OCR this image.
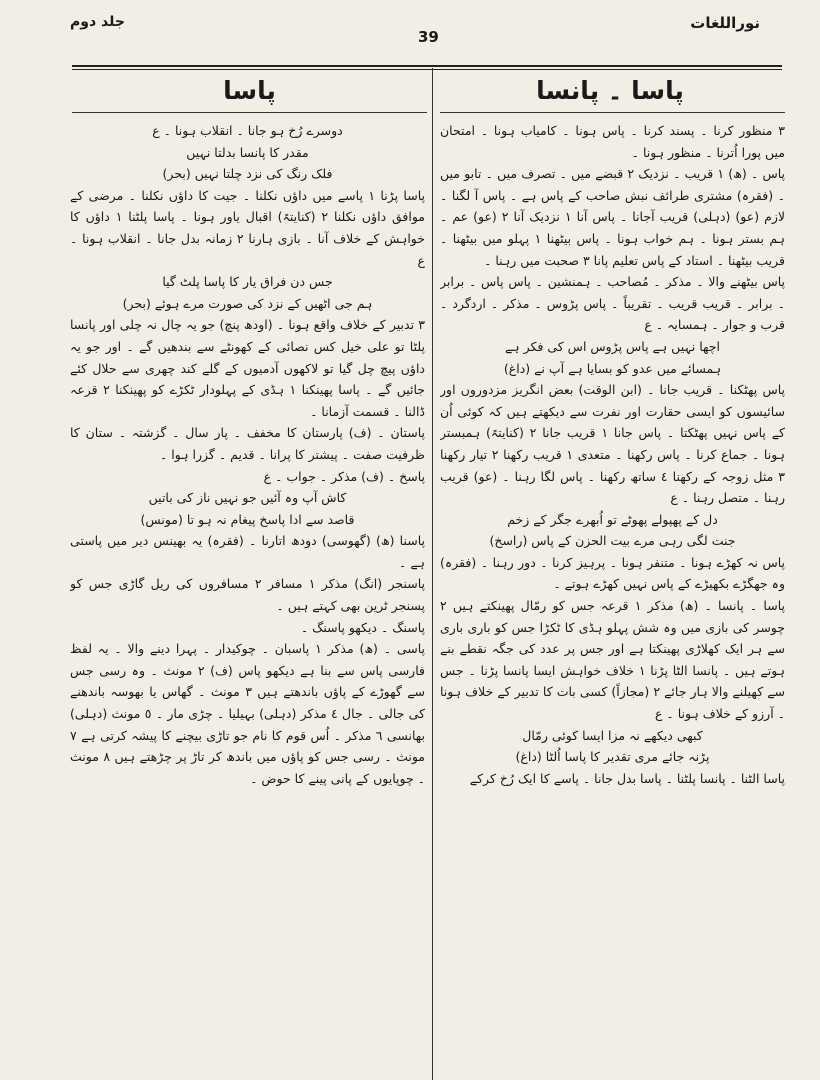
جلد دوم
39
نوراللغات
پاسا ۔ پانسا
پاسا

٣ منظور کرنا ۔ پسند کرنا ۔ پاس ہونا ۔ کامیاب ہونا ۔ امتحان میں پورا اُترنا ۔ منظور ہونا ۔

پاس ۔ (ھ) ١ قریب ۔ نزدیک ٢ قبضے میں ۔ تصرف میں ۔ تابو میں ۔ (فقرہ) مشتری طرائف نبش صاحب کے پاس ہے ۔ پاس آ لگنا ۔ لازم (عو) (دہلی) قریب آجانا ۔ پاس آنا ١ نزدیک آنا ٢ (عو) عم ۔ ہم بستر ہونا ۔ ہم خواب ہونا ۔ پاس بیٹھنا ١ پہلو میں بیٹھنا ۔ قریب بیٹھنا ۔ استاد کے پاس تعلیم پانا ٣ صحبت میں رہنا ۔

پاس بیٹھنے والا ۔ مذکر ۔ مُصاحب ۔ ہمنشین ۔ پاس پاس ۔ برابر ۔ برابر ۔ قریب قریب ۔ تقریباً ۔ پاس پڑوس ۔ مذکر ۔ اردگرد ۔ قرب و جوار ۔ ہمسایہ ۔ ع

اچھا نہیں ہے پاس پڑوس اس کی فکر ہے

ہمسائے میں عدو کو بسایا ہے آپ نے (داغ)

پاس پھٹکنا ۔ قریب جانا ۔ (ابن الوقت) بعض انگریز مزدوروں اور سائیسوں کو ایسی حقارت اور نفرت سے دیکھتے ہیں کہ کوئی اُن کے پاس نہیں پھٹکتا ۔ پاس جانا ١ قریب جانا ٢ (کنایتہً) ہمبستر ہونا ۔ جماع کرنا ۔ پاس رکھنا ۔ متعدی ١ قریب رکھنا ٢ تیار رکھنا ٣ مثل زوجہ کے رکھنا ٤ ساتھ رکھنا ۔ پاس لگا رہنا ۔ (عو) قریب رہنا ۔ متصل رہنا ۔ ع

دل کے پھپولے پھوٹے تو اُبھرے جگر کے زخم

جنت لگی رہی مرے بیت الحزن کے پاس (راسخ)

پاس نہ کھڑے ہونا ۔ متنفر ہونا ۔ پرہیز کرنا ۔ دور رہنا ۔ (فقرہ) وہ جھگڑے بکھیڑے کے پاس نہیں کھڑے ہوتے ۔

پاسا ۔ پانسا ۔ (ھ) مذکر ١ قرعہ جس کو رمّال پھینکتے ہیں ٢ چوسر کی بازی میں وہ شش پہلو ہڈی کا ٹکڑا جس کو باری باری سے ہر ایک کھلاڑی پھینکتا ہے اور جس پر عدد کی جگہ نقطے بنے ہوتے ہیں ۔ پانسا الٹا پڑنا ١ خلاف خواہش ایسا پانسا پڑنا ۔ جس سے کھیلنے والا ہار جائے ٢ (مجازاً) کسی بات کا تدبیر کے خلاف ہونا ۔ آرزو کے خلاف ہونا ۔ ع

کبھی دیکھے نہ مزا ایسا کوئی رمّال

پڑنہ جائے مری تقدیر کا پاسا اُلٹا (داغ)

پاسا الٹنا ۔ پانسا پلٹنا ۔ پاسا بدل جانا ۔ پاسے کا ایک رُخ کرکے

دوسرے رُخ ہو جانا ۔ انقلاب ہونا ۔ ع

مقدر کا پانسا بدلتا نہیں

فلک رنگ کی نزد چلتا نہیں (بحر)

پاسا پڑنا ١ پاسے میں داؤں نکلنا ۔ جیت کا داؤں نکلنا ۔ مرضی کے موافق داؤں نکلنا ٢ (کنایتہً) اقبال یاور ہونا ۔ پاسا پلٹنا ١ داؤں کا خواہش کے خلاف آنا ۔ بازی ہارنا ٢ زمانہ بدل جانا ۔ انقلاب ہونا ۔ ع

جس دن فراق یار کا پاسا پلٹ گیا

ہم جی اٹھیں کے نزد کی صورت مرے ہوئے (بحر)

٣ تدبیر کے خلاف واقع ہونا ۔ (اودھ پنچ) جو یہ چال نہ چلی اور پانسا پلٹا تو علی خیل کس نصائی کے کھونٹے سے بندھیں گے ۔ اور جو یہ داؤں پیچ چل گیا تو لاکھوں آدمیوں کے گلے کند چھری سے حلال کئے جائیں گے ۔ پاسا پھینکنا ١ ہڈی کے پہلودار ٹکڑے کو پھینکنا ٢ قرعہ ڈالنا ۔ قسمت آزمانا ۔

پاستان ۔ (ف) پارستان کا مخفف ۔ پار سال ۔ گزشتہ ۔ ستان کا ظرفیت صفت ۔ پیشتر کا پرانا ۔ قدیم ۔ گزرا ہوا ۔

پاسخ ۔ (ف) مذکر ۔ جواب ۔ ع

کاش آپ وہ آئیں جو نہیں ناز کی باتیں

قاصد سے ادا پاسخ پیغام نہ ہو تا (مونس)

پاسنا (ھ) (گھوسی) دودھ اتارنا ۔ (فقرہ) یہ بھینس دیر میں پاستی ہے ۔

پاسنجر (انگ) مذکر ١ مسافر ٢ مسافروں کی ریل گاڑی جس کو پسنجر ٹرین بھی کہتے ہیں ۔

پاسنگ ۔ دیکھو پاسنگ ۔

پاسی ۔ (ھ) مذکر ١ پاسبان ۔ چوکیدار ۔ پہرا دینے والا ۔ یہ لفظ فارسی پاس سے بنا ہے دیکھو پاس (ف) ٢ مونث ۔ وہ رسی جس سے گھوڑے کے پاؤں باندھتے ہیں ٣ مونث ۔ گھاس یا بھوسہ باندھنے کی جالی ۔ جال ٤ مذکر (دہلی) بہیلیا ۔ چڑی مار ۔ ٥ مونث (دہلی) بھانسی ٦ مذکر ۔ اُس قوم کا نام جو تاڑی بیچنے کا پیشہ کرتی ہے ٧ مونث ۔ رسی جس کو پاؤں میں باندھ کر تاڑ پر چڑھتے ہیں ٨ مونث ۔ چوپایوں کے پانی پینے کا حوض ۔
